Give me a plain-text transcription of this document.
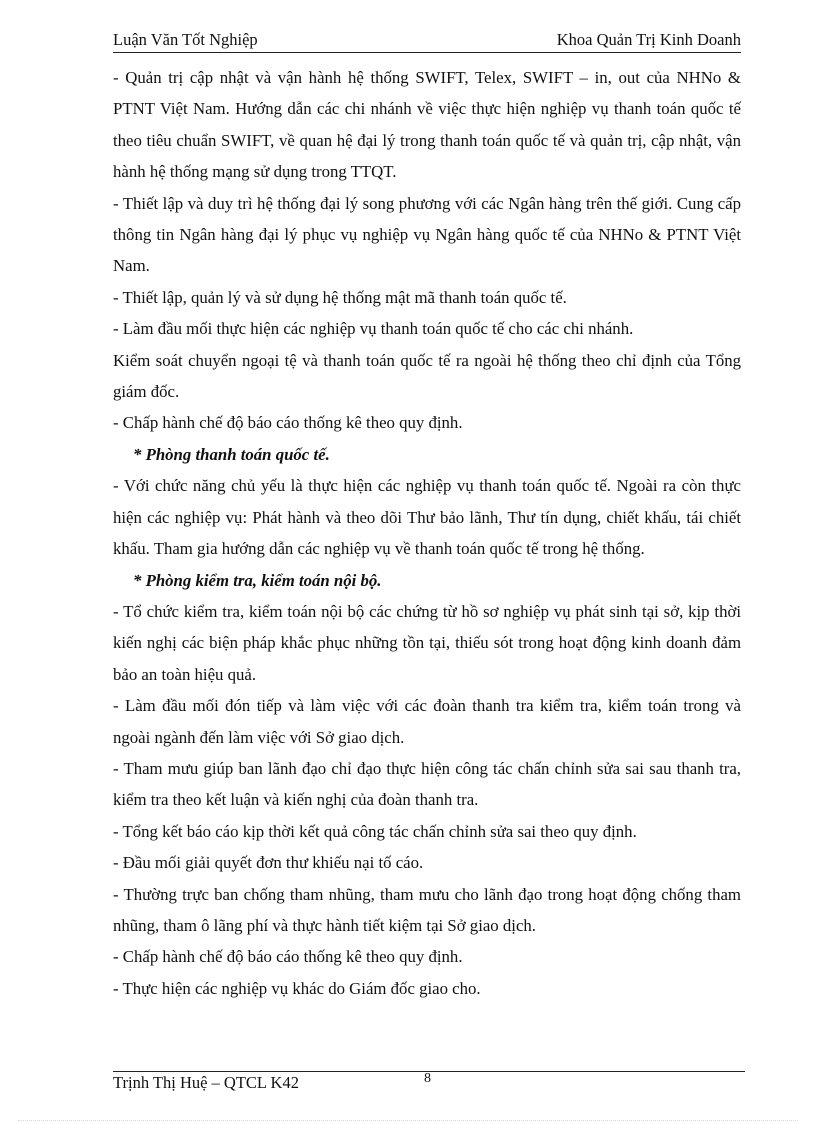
Luận Văn Tốt Nghiệp	Khoa Quản Trị Kinh Doanh

- Quản trị cập nhật và vận hành hệ thống SWIFT, Telex, SWIFT – in, out của NHNo & PTNT Việt Nam. Hướng dẫn các chi nhánh về việc thực hiện nghiệp vụ thanh toán quốc tế theo tiêu chuẩn SWIFT, về quan hệ đại lý trong thanh toán quốc tế và quản trị, cập nhật, vận hành hệ thống mạng sử dụng trong TTQT.

- Thiết lập và duy trì hệ thống đại lý song phương với các Ngân hàng trên thế giới. Cung cấp thông tin Ngân hàng đại lý phục vụ nghiệp vụ Ngân hàng quốc tế của NHNo & PTNT Việt Nam.

- Thiết lập, quản lý và sử dụng hệ thống mật mã thanh toán quốc tế.

- Làm đầu mối thực hiện các nghiệp vụ thanh toán quốc tế cho các chi nhánh.

Kiểm soát chuyển ngoại tệ và thanh toán quốc tế ra ngoài hệ thống theo chỉ định của Tổng giám đốc.

- Chấp hành chế độ báo cáo thống kê theo quy định.

* Phòng thanh toán quốc tế.

- Với chức năng chủ yếu là thực hiện các nghiệp vụ thanh toán quốc tế. Ngoài ra còn thực hiện các nghiệp vụ: Phát hành và theo dõi Thư bảo lãnh, Thư tín dụng, chiết khấu, tái chiết khấu. Tham gia hướng dẫn các nghiệp vụ về thanh toán quốc tế trong hệ thống.

* Phòng kiểm tra, kiểm toán nội bộ.

- Tổ chức kiểm tra, kiểm toán nội bộ các chứng từ hồ sơ nghiệp vụ phát sinh tại sở, kịp thời kiến nghị các biện pháp khắc phục những tồn tại, thiếu sót trong hoạt động kinh doanh đảm bảo an toàn hiệu quả.

- Làm đầu mối đón tiếp và làm việc với các đoàn thanh tra kiểm tra, kiểm toán trong và ngoài ngành đến làm việc với Sở giao dịch.

- Tham mưu giúp ban lãnh đạo chỉ đạo thực hiện công tác chấn chỉnh sửa sai sau thanh tra, kiểm tra theo kết luận và kiến nghị của đoàn thanh tra.

- Tổng kết báo cáo kịp thời kết quả công tác chấn chỉnh sửa sai theo quy định.

- Đầu mối giải quyết đơn thư khiếu nại tố cáo.

- Thường trực ban chống tham nhũng, tham mưu cho lãnh đạo trong hoạt động chống tham nhũng, tham ô lãng phí và thực hành tiết kiệm tại Sở giao dịch.

- Chấp hành chế độ báo cáo thống kê theo quy định.

- Thực hiện các nghiệp vụ khác do Giám đốc giao cho.

Trịnh Thị Huệ – QTCL K42	8
